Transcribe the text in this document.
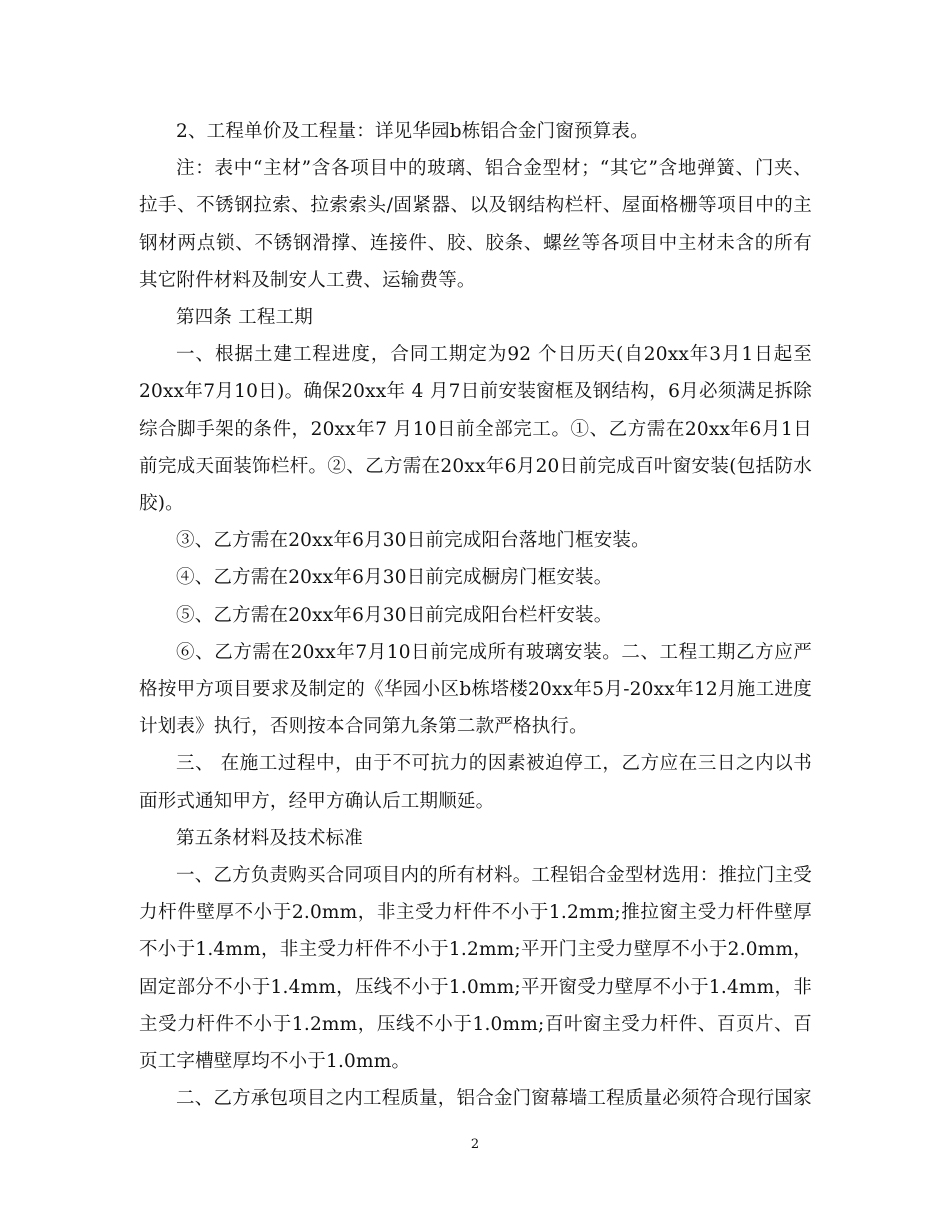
2、工程单价及工程量：详见华园b栋铝合金门窗预算表。

注：表中“主材”含各项目中的玻璃、铝合金型材；“其它”含地弹簧、门夹、拉手、不锈钢拉索、拉索索头/固紧器、以及钢结构栏杆、屋面格栅等项目中的主钢材两点锁、不锈钢滑撑、连接件、胶、胶条、螺丝等各项目中主材未含的所有其它附件材料及制安人工费、运输费等。

第四条 工程工期

一、根据土建工程进度，合同工期定为92 个日历天(自20xx年3月1日起至20xx年7月10日)。确保20xx年 4 月7日前安装窗框及钢结构，6月必须满足拆除综合脚手架的条件，20xx年7 月10日前全部完工。①、乙方需在20xx年6月1日前完成天面装饰栏杆。②、乙方需在20xx年6月20日前完成百叶窗安装(包括防水胶)。

③、乙方需在20xx年6月30日前完成阳台落地门框安装。

④、乙方需在20xx年6月30日前完成橱房门框安装。

⑤、乙方需在20xx年6月30日前完成阳台栏杆安装。

⑥、乙方需在20xx年7月10日前完成所有玻璃安装。二、工程工期乙方应严格按甲方项目要求及制定的《华园小区b栋塔楼20xx年5月-20xx年12月施工进度计划表》执行，否则按本合同第九条第二款严格执行。

三、 在施工过程中，由于不可抗力的因素被迫停工，乙方应在三日之内以书面形式通知甲方，经甲方确认后工期顺延。

第五条材料及技术标准

一、乙方负责购买合同项目内的所有材料。工程铝合金型材选用：推拉门主受力杆件壁厚不小于2.0mm，非主受力杆件不小于1.2mm;推拉窗主受力杆件壁厚不小于1.4mm，非主受力杆件不小于1.2mm;平开门主受力壁厚不小于2.0mm，固定部分不小于1.4mm，压线不小于1.0mm;平开窗受力壁厚不小于1.4mm，非主受力杆件不小于1.2mm，压线不小于1.0mm;百叶窗主受力杆件、百页片、百页工字槽壁厚均不小于1.0mm。

二、乙方承包项目之内工程质量，铝合金门窗幕墙工程质量必须符合现行国家

2
